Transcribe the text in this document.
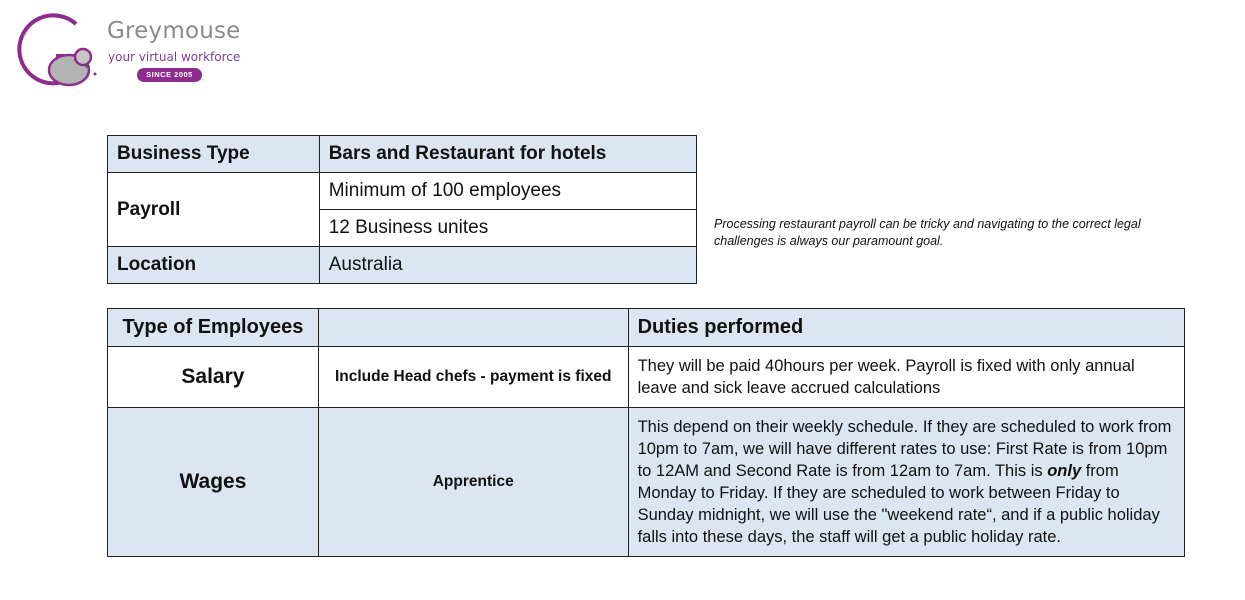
Greymouse
your virtual workforce
SINCE 2005
Business Type	Bars and Restaurant for hotels
Payroll	Minimum of 100 employees
	12 Business unites
Location	Australia
Processing restaurant payroll can be tricky and navigating to the correct legal challenges is always our paramount goal.
Type of Employees		Duties performed
Salary	Include Head chefs - payment is fixed	They will be paid 40hours per week. Payroll is fixed with only annual leave and sick leave accrued calculations
Wages	Apprentice	This depend on their weekly schedule. If they are scheduled to work from 10pm to 7am, we will have different rates to use: First Rate is from 10pm to 12AM and Second Rate is from 12am to 7am. This is only from Monday to Friday. If they are scheduled to work between Friday to Sunday midnight, we will use the "weekend rate“, and if a public holiday falls into these days, the staff will get a public holiday rate.
